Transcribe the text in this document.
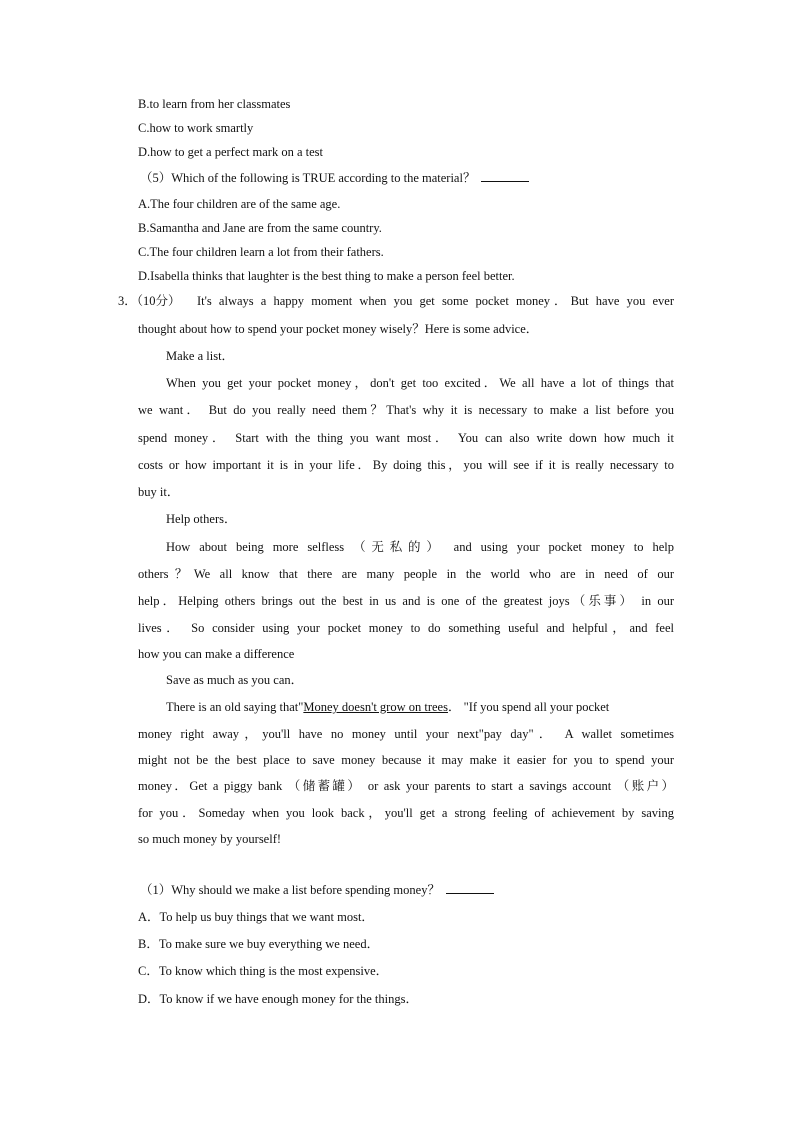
B.to learn from her classmates
C.how to work smartly
D.how to get a perfect mark on a test
（5）Which of the following is TRUE according to the material？
A.The four children are of the same age.
B.Samantha and Jane are from the same country.
C.The four children learn a lot from their fathers.
D.Isabella thinks that laughter is the best thing to make a person feel better.
3．（10分） It's always a happy moment when you get some pocket money．But have you ever
thought about how to spend your pocket money wisely？Here is some advice．
Make a list．
When you get your pocket money，don't get too excited．We all have a lot of things that
we want． But do you really need them？That's why it is necessary to make a list before you
spend money． Start with the thing you want most． You can also write down how much it
costs or how important it is in your life．By doing this，you will see if it is really necessary to
buy it．
Help others．
How about being more selfless （无私的） and using your pocket money to help
others？We all know that there are many people in the world who are in need of our
help．Helping others brings out the best in us and is one of the greatest joys（乐事） in our
lives． So consider using your pocket money to do something useful and helpful，and feel
how you can make a difference
Save as much as you can．
There is an old saying that"Money doesn't grow on trees． "If you spend all your pocket
money right away，you'll have no money until your next"pay day"． A wallet sometimes
might not be the best place to save money because it may make it easier for you to spend your
money．Get a piggy bank （储蓄罐） or ask your parents to start a savings account （账户）
for you．Someday when you look back，you'll get a strong feeling of achievement by saving
so much money by yourself!
（1）Why should we make a list before spending money？
A．To help us buy things that we want most．
B．To make sure we buy everything we need．
C．To know which thing is the most expensive．
D．To know if we have enough money for the things．
